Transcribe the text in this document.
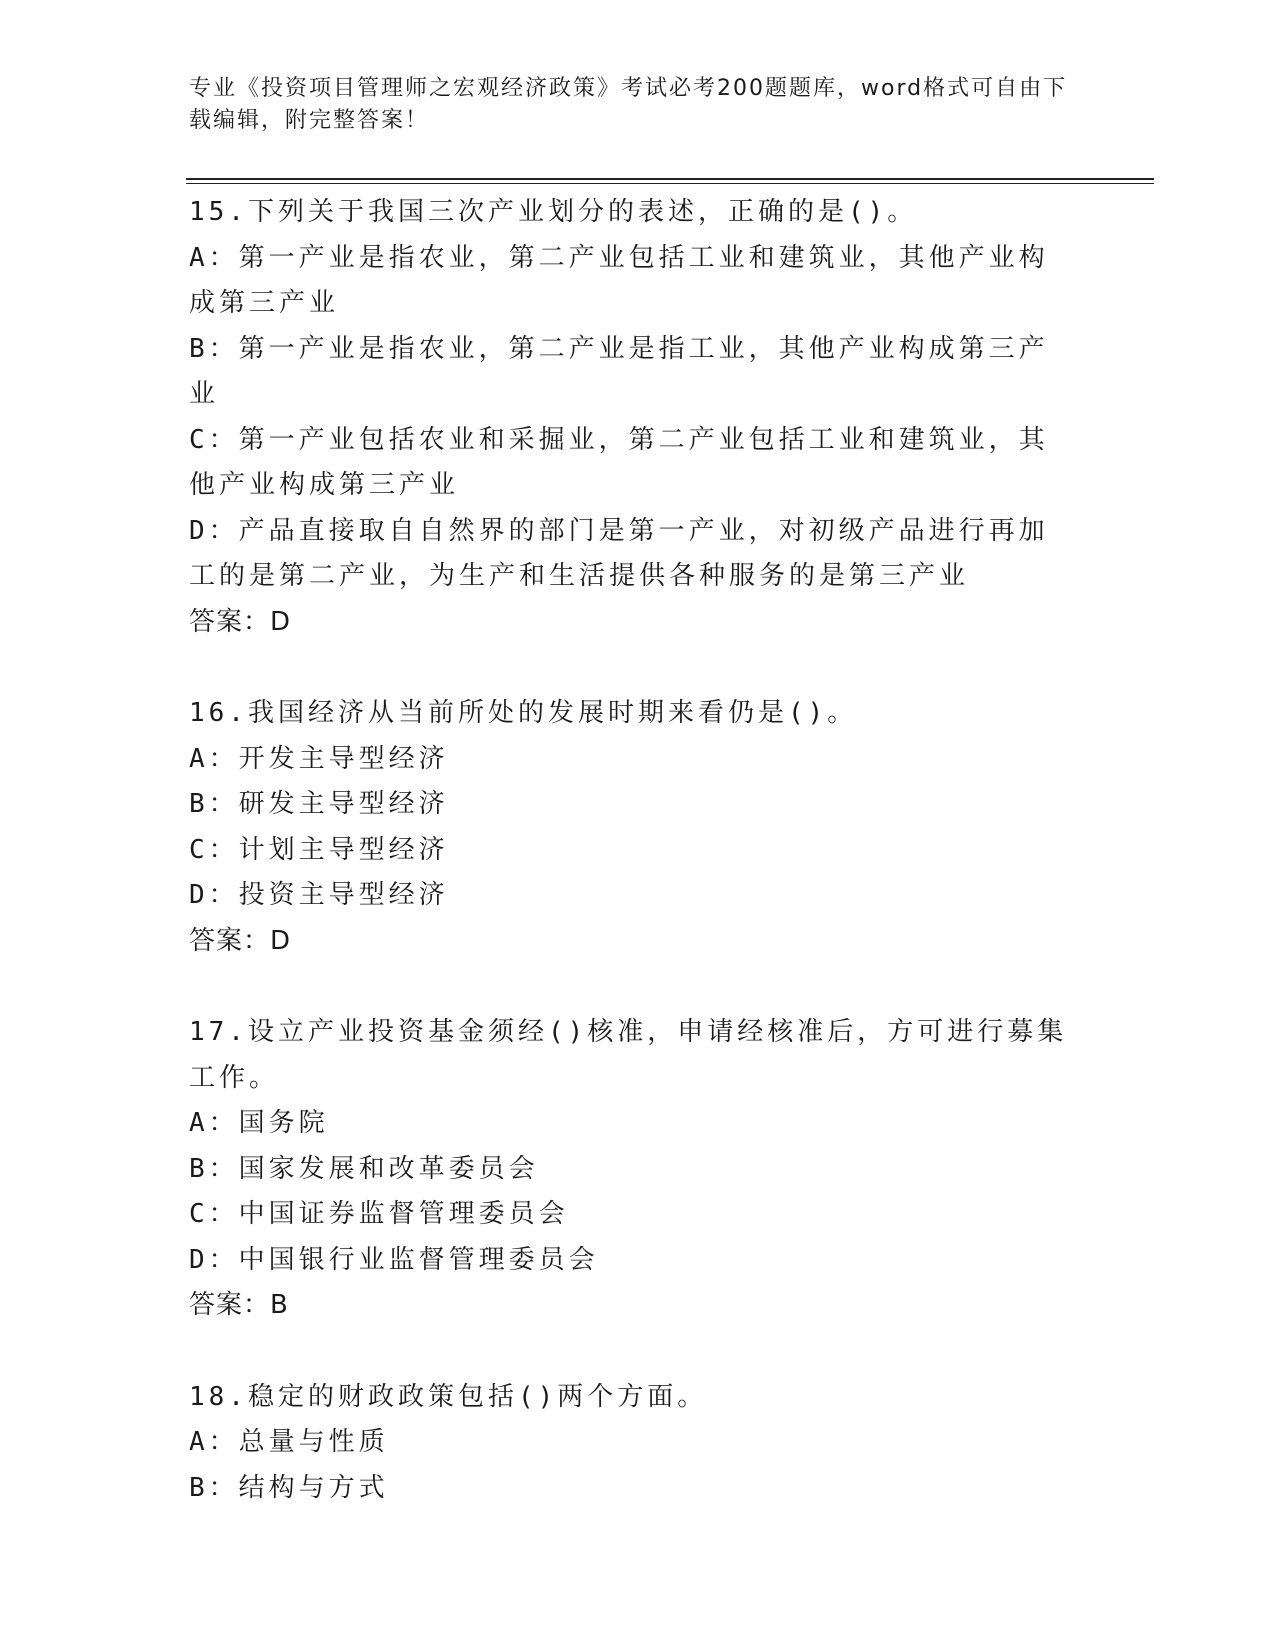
专业《投资项目管理师之宏观经济政策》考试必考200题题库，word格式可自由下载编辑，附完整答案！
15.下列关于我国三次产业划分的表述，正确的是()。
A：第一产业是指农业，第二产业包括工业和建筑业，其他产业构成第三产业
B：第一产业是指农业，第二产业是指工业，其他产业构成第三产业
C：第一产业包括农业和采掘业，第二产业包括工业和建筑业，其他产业构成第三产业
D：产品直接取自自然界的部门是第一产业，对初级产品进行再加工的是第二产业，为生产和生活提供各种服务的是第三产业
答案：D
16.我国经济从当前所处的发展时期来看仍是()。
A：开发主导型经济
B：研发主导型经济
C：计划主导型经济
D：投资主导型经济
答案：D
17.设立产业投资基金须经()核准，申请经核准后，方可进行募集工作。
A：国务院
B：国家发展和改革委员会
C：中国证券监督管理委员会
D：中国银行业监督管理委员会
答案：B
18.稳定的财政政策包括()两个方面。
A：总量与性质
B：结构与方式
